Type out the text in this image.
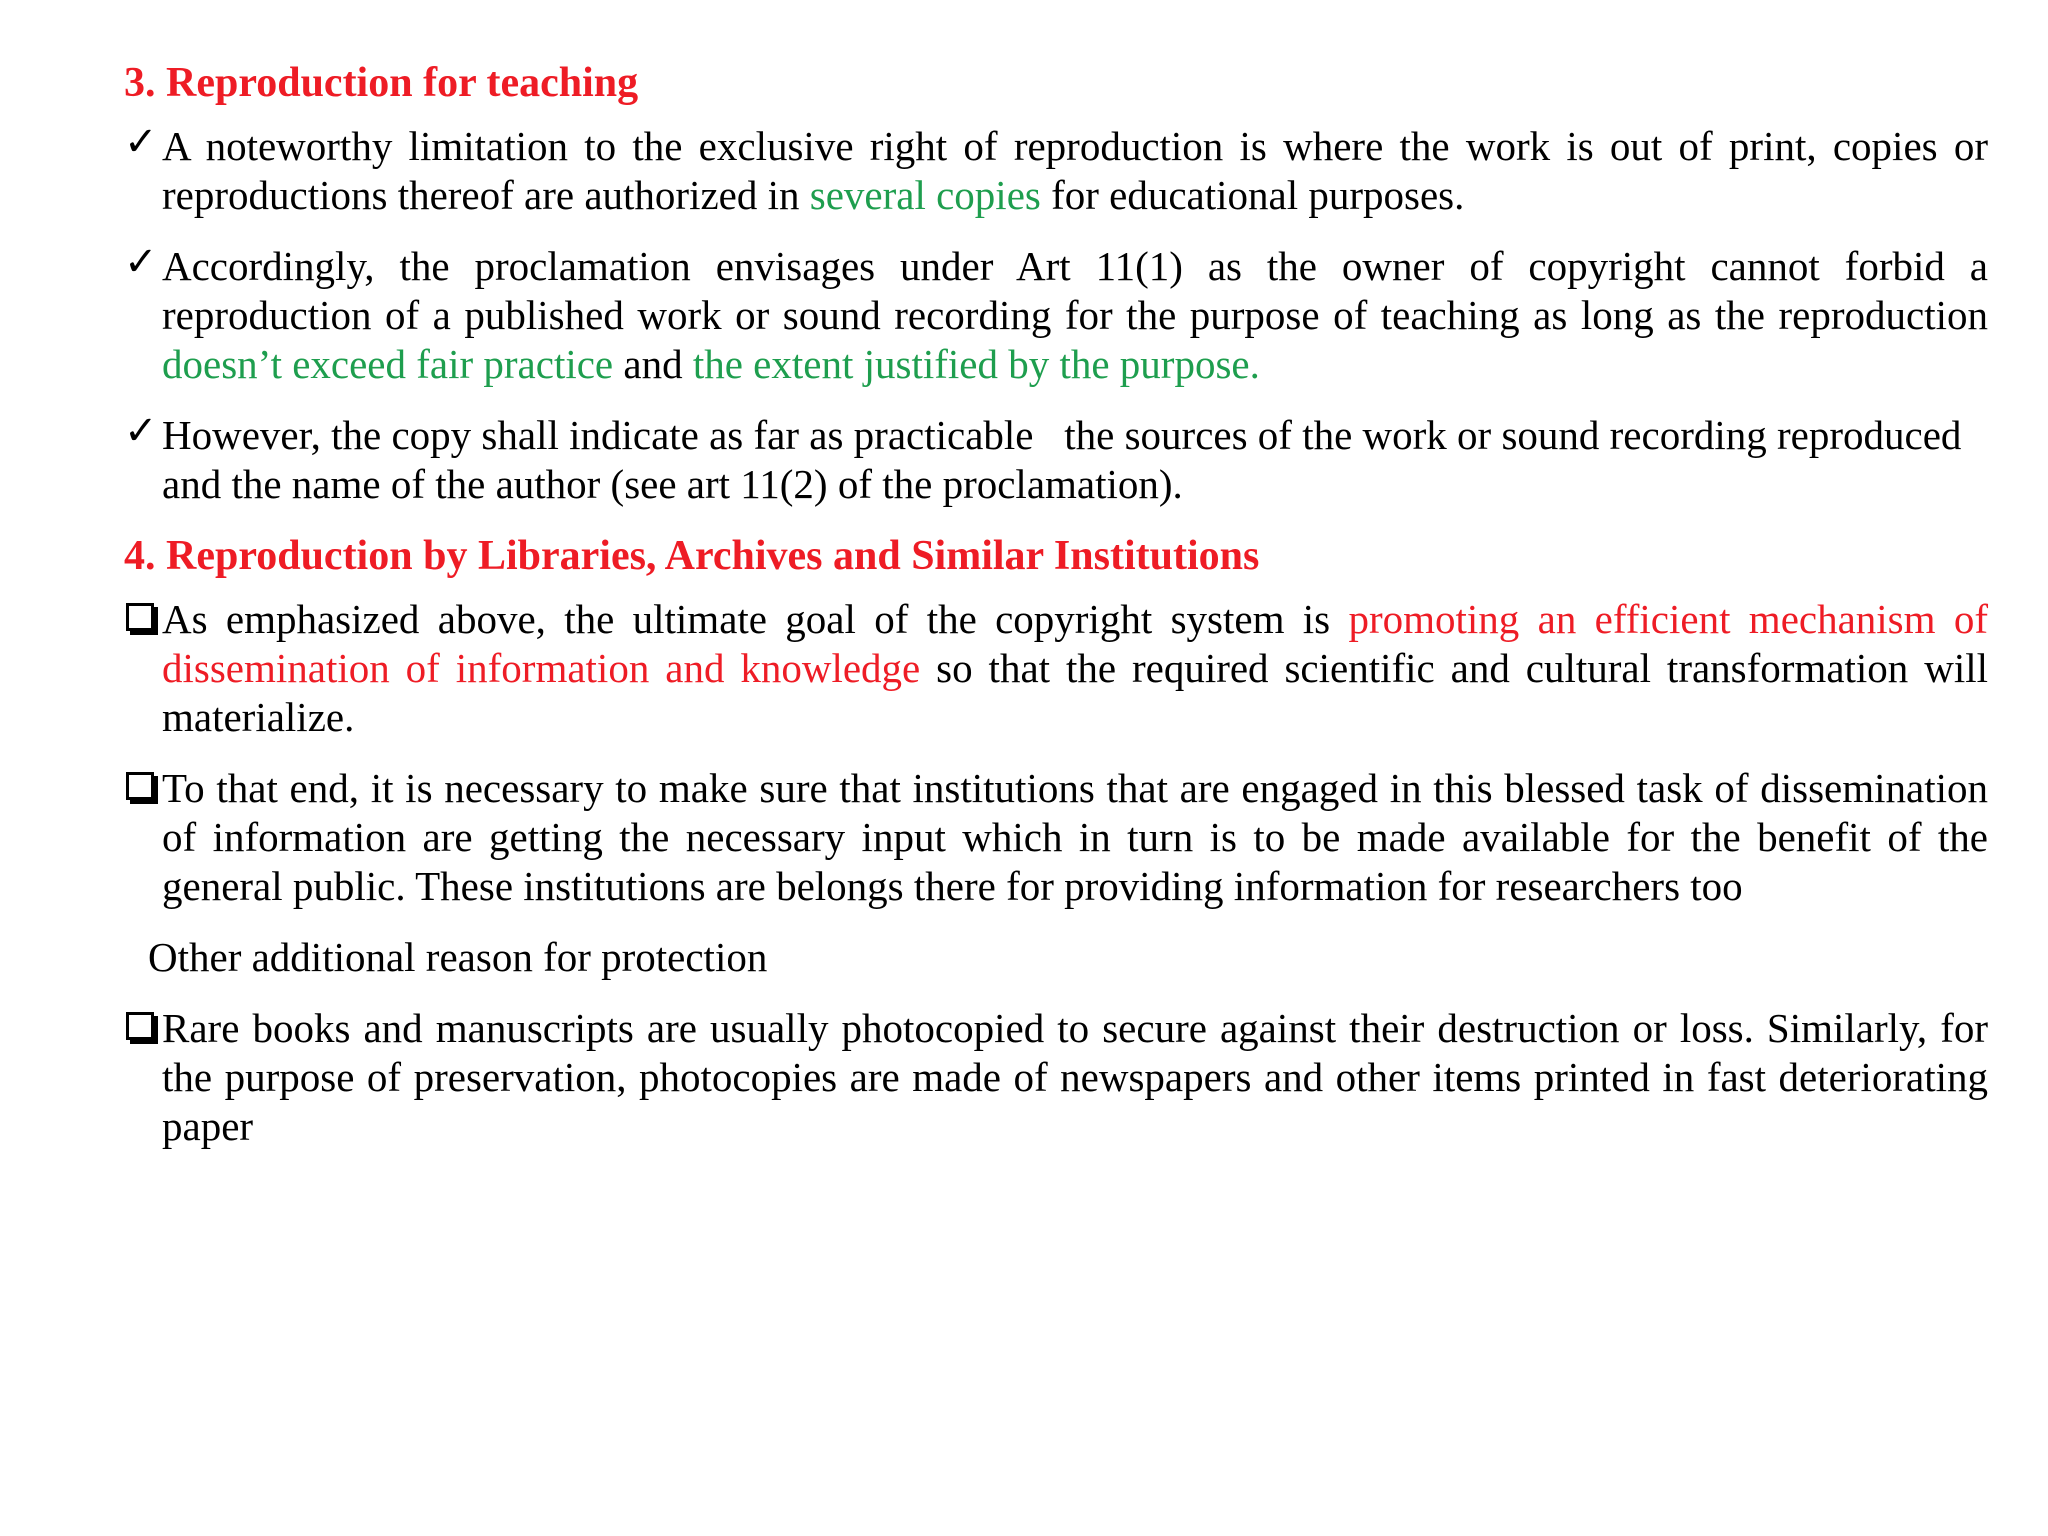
3. Reproduction for teaching
✓ A noteworthy limitation to the exclusive right of reproduction is where the work is out of print, copies or reproductions thereof are authorized in several copies for educational purposes.
✓ Accordingly, the proclamation envisages under Art 11(1) as the owner of copyright cannot forbid a reproduction of a published work or sound recording for the purpose of teaching as long as the reproduction doesn’t exceed fair practice and the extent justified by the purpose.
✓ However, the copy shall indicate as far as practicable   the sources of the work or sound recording reproduced and the name of the author (see art 11(2) of the proclamation).
4. Reproduction by Libraries, Archives and Similar Institutions
As emphasized above, the ultimate goal of the copyright system is promoting an efficient mechanism of dissemination of information and knowledge so that the required scientific and cultural transformation will materialize.
To that end, it is necessary to make sure that institutions that are engaged in this blessed task of dissemination of information are getting the necessary input which in turn is to be made available for the benefit of the general public. These institutions are belongs there for providing information for researchers too
Other additional reason for protection
Rare books and manuscripts are usually photocopied to secure against their destruction or loss. Similarly, for the purpose of preservation, photocopies are made of newspapers and other items printed in fast deteriorating paper
